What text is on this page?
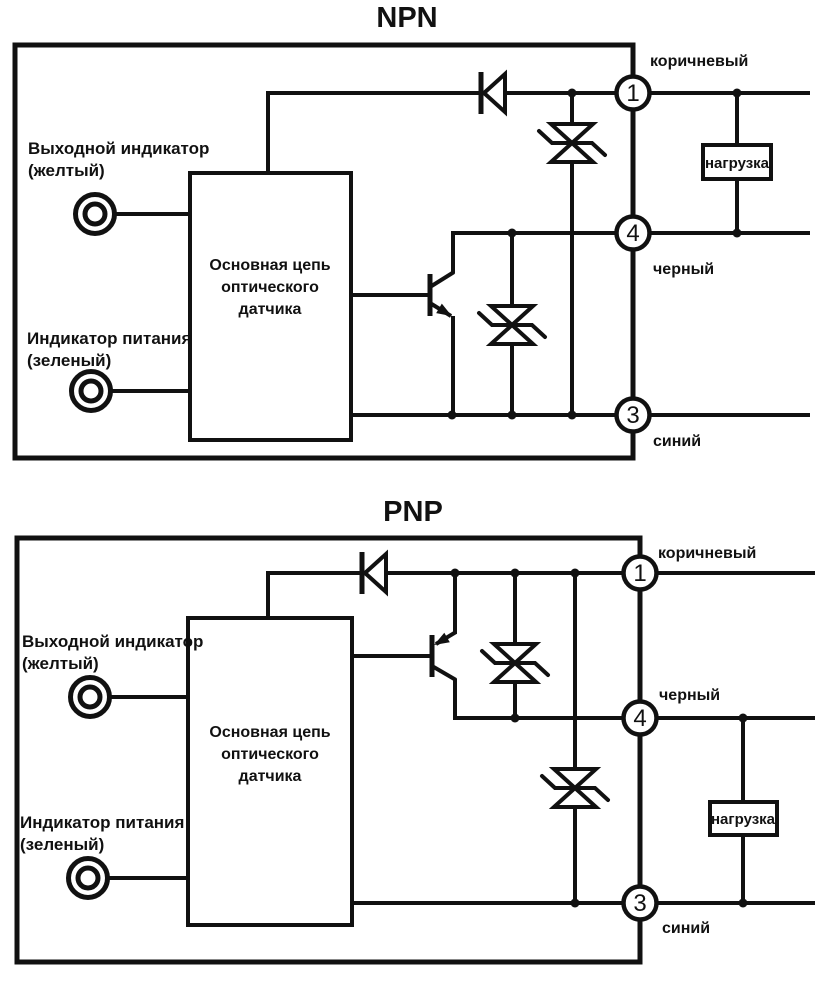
NPN
Основная цепь
оптического
датчика
1
4
3
коричневый
черный
синий
нагрузка
Выходной индикатор
(желтый)
Индикатор питания
(зеленый)
PNP
Основная цепь
оптического
датчика
1
4
3
коричневый
черный
синий
нагрузка
Выходной индикатор
(желтый)
Индикатор питания
(зеленый)
